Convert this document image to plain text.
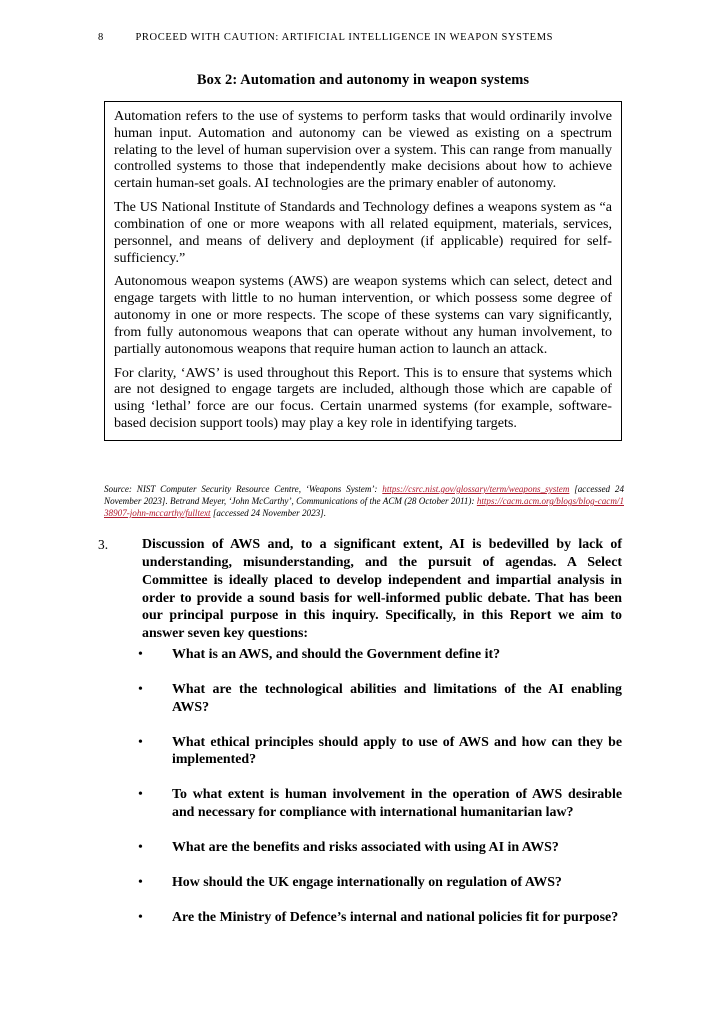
8	PROCEED WITH CAUTION: ARTIFICIAL INTELLIGENCE IN WEAPON SYSTEMS
Box 2: Automation and autonomy in weapon systems

Automation refers to the use of systems to perform tasks that would ordinarily involve human input. Automation and autonomy can be viewed as existing on a spectrum relating to the level of human supervision over a system. This can range from manually controlled systems to those that independently make decisions about how to achieve certain human-set goals. AI technologies are the primary enabler of autonomy.

The US National Institute of Standards and Technology defines a weapons system as “a combination of one or more weapons with all related equipment, materials, services, personnel, and means of delivery and deployment (if applicable) required for self-sufficiency.”

Autonomous weapon systems (AWS) are weapon systems which can select, detect and engage targets with little to no human intervention, or which possess some degree of autonomy in one or more respects. The scope of these systems can vary significantly, from fully autonomous weapons that can operate without any human involvement, to partially autonomous weapons that require human action to launch an attack.

For clarity, ‘AWS’ is used throughout this Report. This is to ensure that systems which are not designed to engage targets are included, although those which are capable of using ‘lethal’ force are our focus. Certain unarmed systems (for example, software-based decision support tools) may play a key role in identifying targets.

Source: NIST Computer Security Resource Centre, ‘Weapons System’: https://csrc.nist.gov/glossary/term/weapons_system [accessed 24 November 2023]. Betrand Meyer, ‘John McCarthy’, Communications of the ACM (28 October 2011): https://cacm.acm.org/blogs/blog-cacm/138907-john-mccarthy/fulltext [accessed 24 November 2023].
3.	Discussion of AWS and, to a significant extent, AI is bedevilled by lack of understanding, misunderstanding, and the pursuit of agendas. A Select Committee is ideally placed to develop independent and impartial analysis in order to provide a sound basis for well-informed public debate. That has been our principal purpose in this inquiry. Specifically, in this Report we aim to answer seven key questions:
•	What is an AWS, and should the Government define it?
•	What are the technological abilities and limitations of the AI enabling AWS?
•	What ethical principles should apply to use of AWS and how can they be implemented?
•	To what extent is human involvement in the operation of AWS desirable and necessary for compliance with international humanitarian law?
•	What are the benefits and risks associated with using AI in AWS?
•	How should the UK engage internationally on regulation of AWS?
•	Are the Ministry of Defence’s internal and national policies fit for purpose?
